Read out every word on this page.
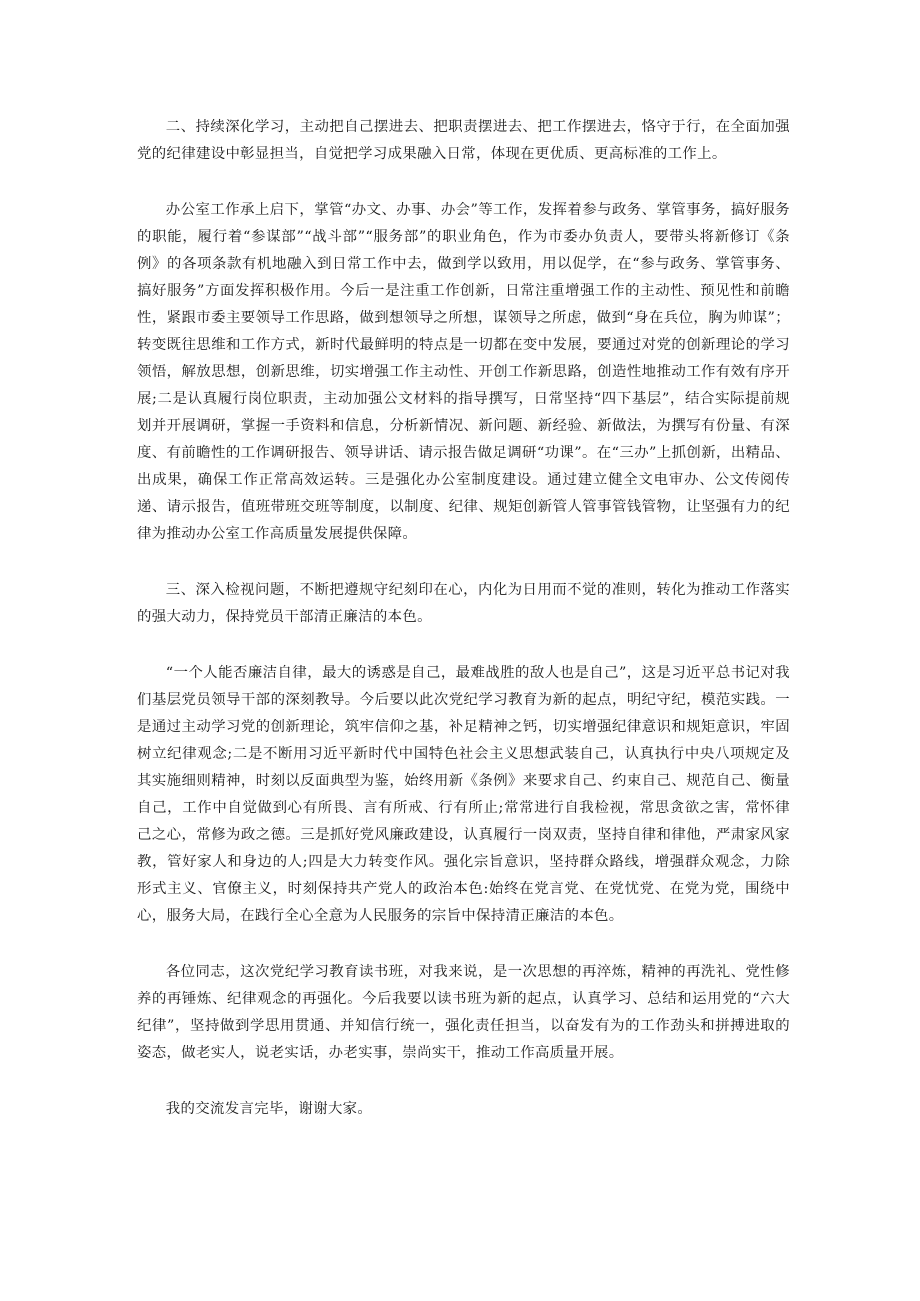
二、持续深化学习，主动把自己摆进去、把职责摆进去、把工作摆进去，恪守于行，在全面加强党的纪律建设中彰显担当，自觉把学习成果融入日常，体现在更优质、更高标准的工作上。

办公室工作承上启下，掌管“办文、办事、办会”等工作，发挥着参与政务、掌管事务，搞好服务的职能，履行着“参谋部”“战斗部”“服务部”的职业角色，作为市委办负责人，要带头将新修订《条例》的各项条款有机地融入到日常工作中去，做到学以致用，用以促学，在“参与政务、掌管事务、搞好服务”方面发挥积极作用。今后一是注重工作创新，日常注重增强工作的主动性、预见性和前瞻性，紧跟市委主要领导工作思路，做到想领导之所想，谋领导之所虑，做到“身在兵位，胸为帅谋”；转变既往思维和工作方式，新时代最鲜明的特点是一切都在变中发展，要通过对党的创新理论的学习领悟，解放思想，创新思维，切实增强工作主动性、开创工作新思路，创造性地推动工作有效有序开展;二是认真履行岗位职责，主动加强公文材料的指导撰写，日常坚持“四下基层”，结合实际提前规划并开展调研，掌握一手资料和信息，分析新情况、新问题、新经验、新做法，为撰写有份量、有深度、有前瞻性的工作调研报告、领导讲话、请示报告做足调研“功课”。在“三办”上抓创新，出精品、出成果，确保工作正常高效运转。三是强化办公室制度建设。通过建立健全文电审办、公文传阅传递、请示报告，值班带班交班等制度，以制度、纪律、规矩创新管人管事管钱管物，让坚强有力的纪律为推动办公室工作高质量发展提供保障。

三、深入检视问题，不断把遵规守纪刻印在心，内化为日用而不觉的准则，转化为推动工作落实的强大动力，保持党员干部清正廉洁的本色。

“一个人能否廉洁自律，最大的诱惑是自己，最难战胜的敌人也是自己”，这是习近平总书记对我们基层党员领导干部的深刻教导。今后要以此次党纪学习教育为新的起点，明纪守纪，模范实践。一是通过主动学习党的创新理论，筑牢信仰之基，补足精神之钙，切实增强纪律意识和规矩意识，牢固树立纪律观念;二是不断用习近平新时代中国特色社会主义思想武装自己，认真执行中央八项规定及其实施细则精神，时刻以反面典型为鉴，始终用新《条例》来要求自己、约束自己、规范自己、衡量自己，工作中自觉做到心有所畏、言有所戒、行有所止;常常进行自我检视，常思贪欲之害，常怀律己之心，常修为政之德。三是抓好党风廉政建设，认真履行一岗双责，坚持自律和律他，严肃家风家教，管好家人和身边的人;四是大力转变作风。强化宗旨意识，坚持群众路线，增强群众观念，力除形式主义、官僚主义，时刻保持共产党人的政治本色:始终在党言党、在党忧党、在党为党，围绕中心，服务大局，在践行全心全意为人民服务的宗旨中保持清正廉洁的本色。

各位同志，这次党纪学习教育读书班，对我来说，是一次思想的再淬炼，精神的再洗礼、党性修养的再锤炼、纪律观念的再强化。今后我要以读书班为新的起点，认真学习、总结和运用党的“六大纪律”，坚持做到学思用贯通、并知信行统一，强化责任担当，以奋发有为的工作劲头和拼搏进取的姿态，做老实人，说老实话，办老实事，崇尚实干，推动工作高质量开展。

我的交流发言完毕，谢谢大家。
